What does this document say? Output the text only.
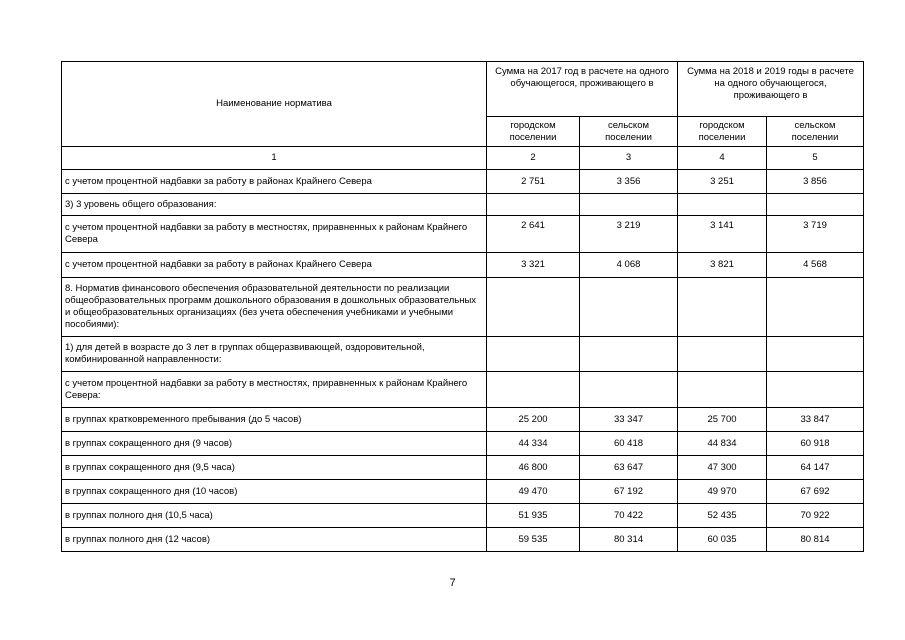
Наименование норматива	Сумма на 2017 год в расчете на одного обучающегося, проживающего в		Сумма на 2018 и 2019 годы в расчете на одного обучающегося, проживающего в	
	городском поселении	сельском поселении	городском поселении	сельском поселении
1	2	3	4	5
с учетом процентной надбавки за работу в районах Крайнего Севера	2 751	3 356	3 251	3 856
3) 3 уровень общего образования:				
с учетом процентной надбавки за работу в местностях, приравненных к районам Крайнего Севера	2 641	3 219	3 141	3 719
с учетом процентной надбавки за работу в районах Крайнего Севера	3 321	4 068	3 821	4 568
8. Норматив финансового обеспечения образовательной деятельности по реализации общеобразовательных программ дошкольного образования в дошкольных образовательных и общеобразовательных организациях (без учета обеспечения учебниками и учебными пособиями):				
1) для детей в возрасте до 3 лет в группах общеразвивающей, оздоровительной, комбинированной направленности:				
с учетом процентной надбавки за работу в местностях, приравненных к районам Крайнего Севера:				
в группах кратковременного пребывания (до 5 часов)	25 200	33 347	25 700	33 847
в группах сокращенного дня (9 часов)	44 334	60 418	44 834	60 918
в группах сокращенного дня (9,5 часа)	46 800	63 647	47 300	64 147
в группах сокращенного дня (10 часов)	49 470	67 192	49 970	67 692
в группах полного дня (10,5 часа)	51 935	70 422	52 435	70 922
в группах полного дня (12 часов)	59 535	80 314	60 035	80 814
7
